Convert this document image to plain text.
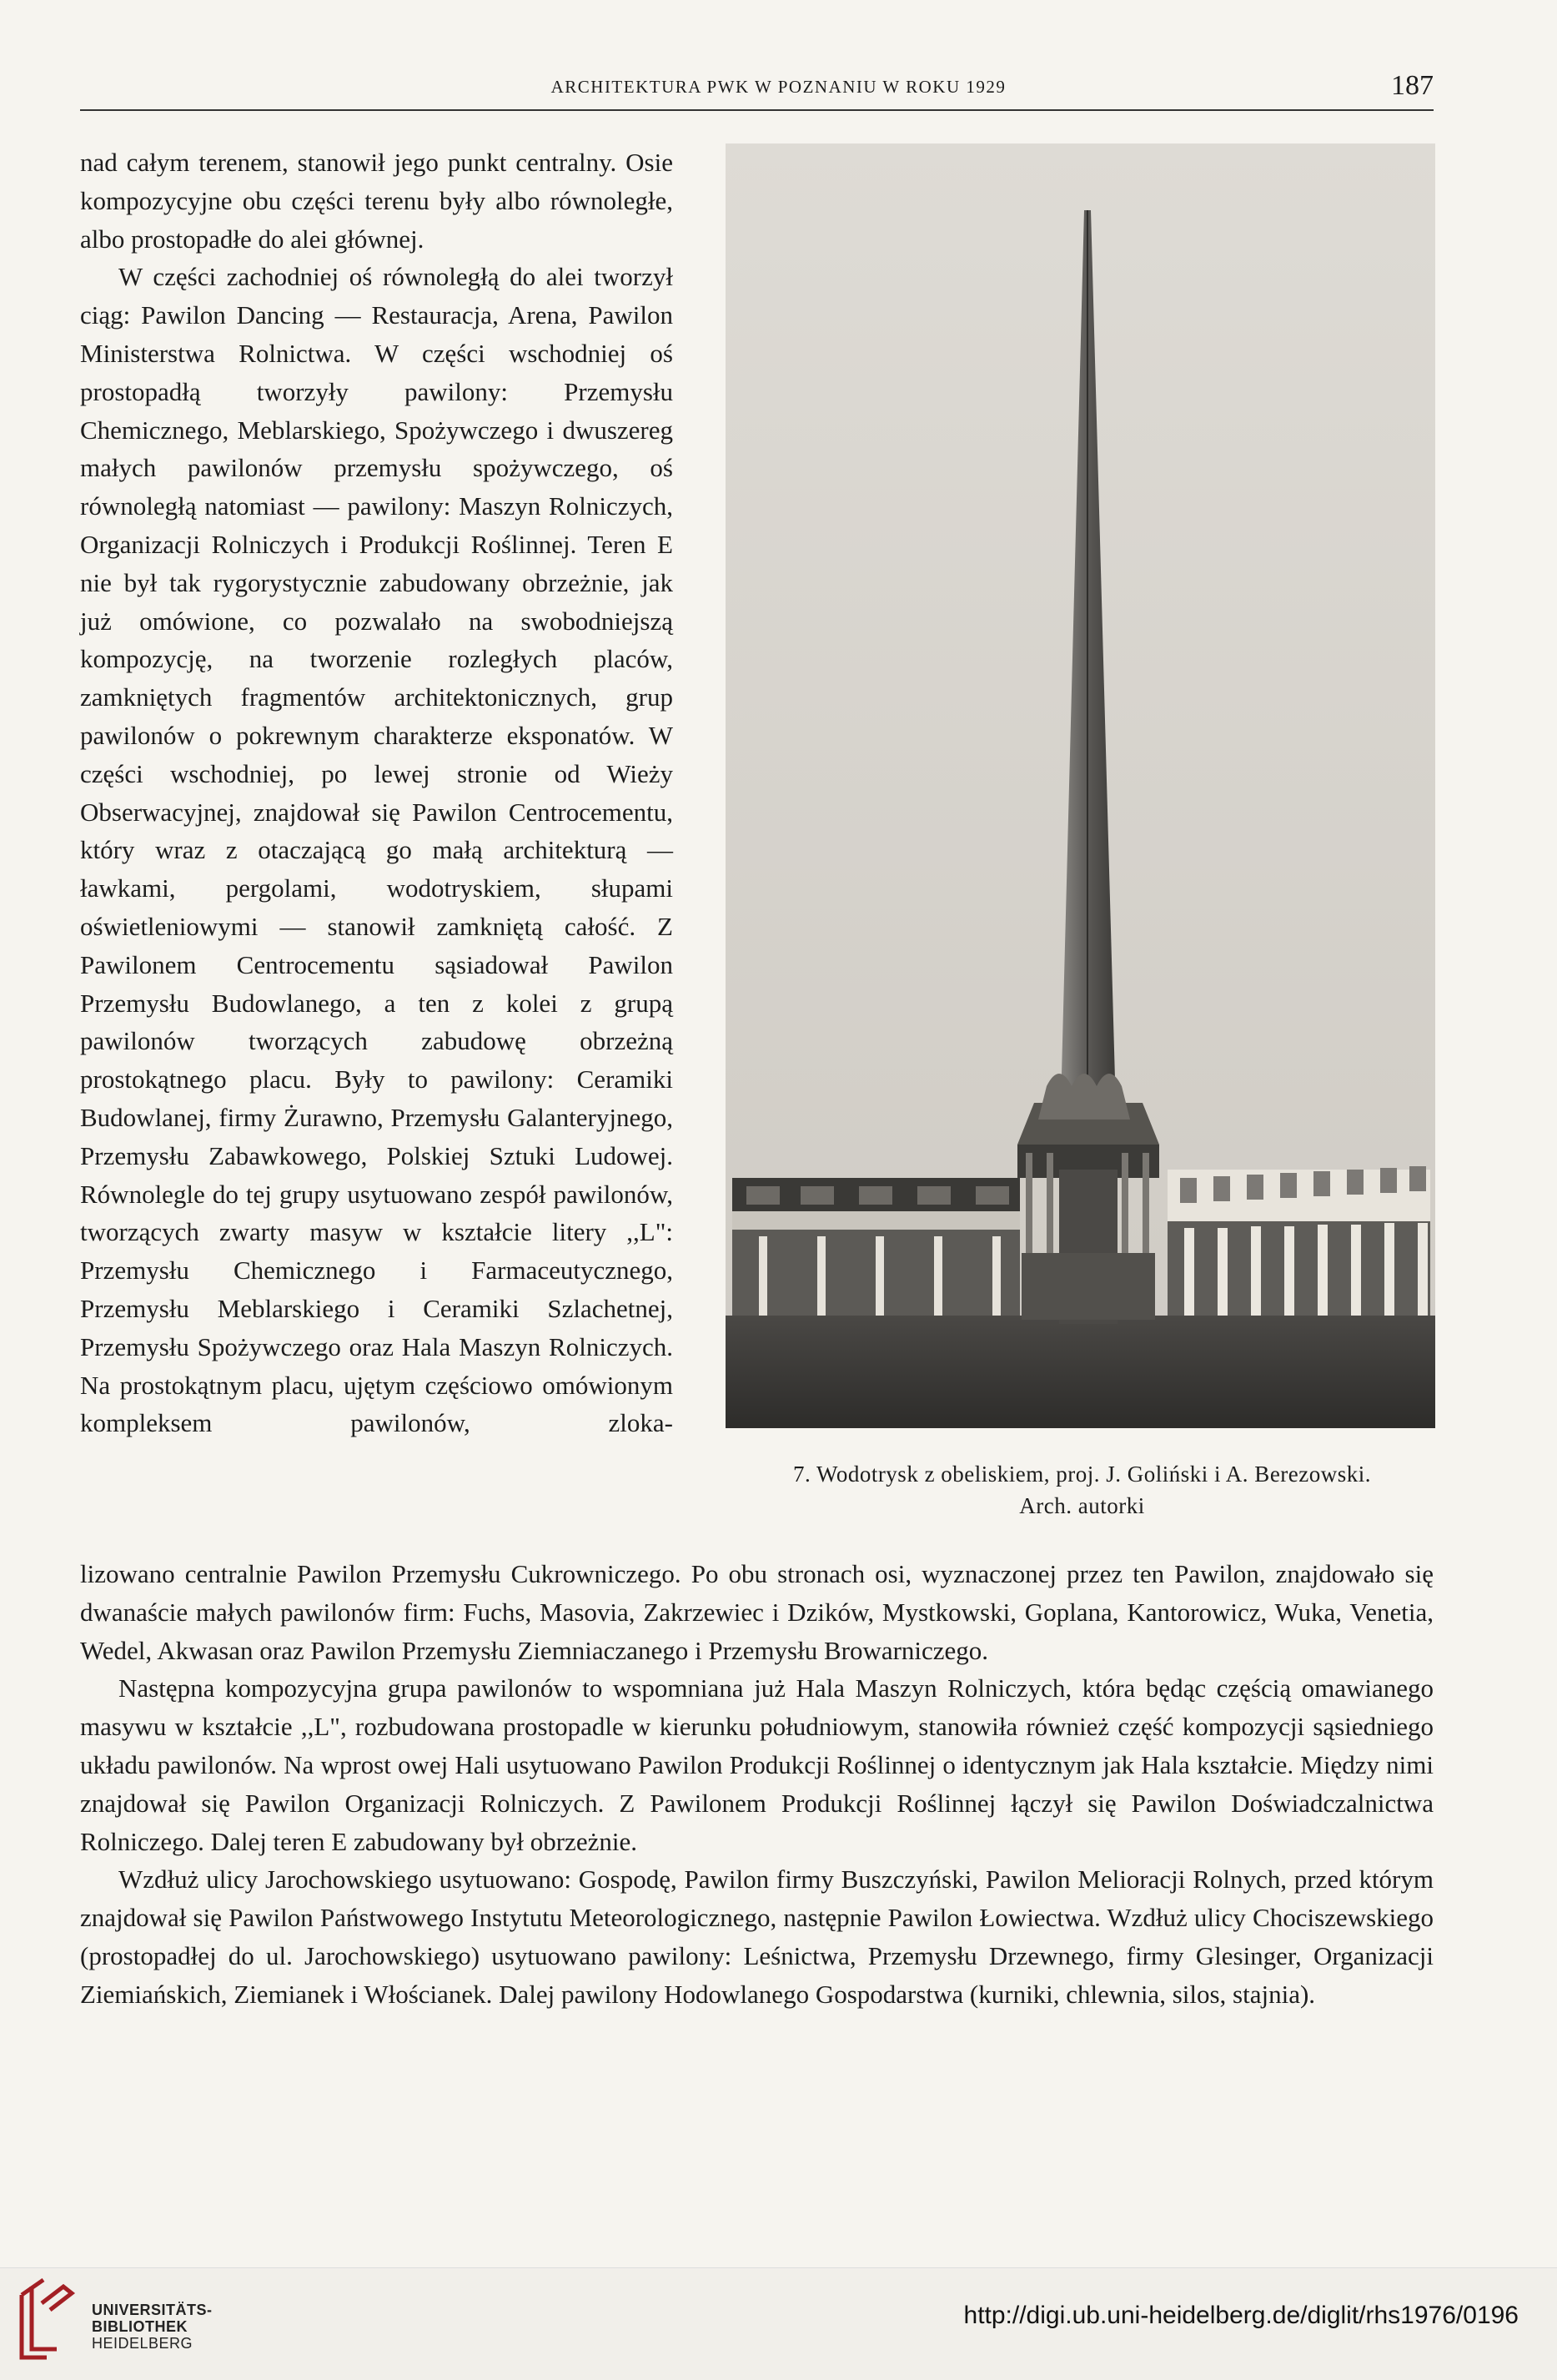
ARCHITEKTURA PWK W POZNANIU W ROKU 1929	187

nad całym terenem, stanowił jego punkt centralny. Osie kompozycyjne obu części terenu były albo równoległe, albo prostopadłe do alei głównej.

W części zachodniej oś równoległą do alei tworzył ciąg: Pawilon Dancing — Restauracja, Arena, Pawilon Ministerstwa Rolnictwa. W części wschodniej oś prostopadłą tworzyły pawilony: Przemysłu Chemicznego, Meblarskiego, Spożywczego i dwuszereg małych pawilonów przemysłu spożywczego, oś równoległą natomiast — pawilony: Maszyn Rolniczych, Organizacji Rolniczych i Produkcji Roślinnej. Teren E nie był tak rygorystycznie zabudowany obrzeżnie, jak już omówione, co pozwalało na swobodniejszą kompozycję, na tworzenie rozległych placów, zamkniętych fragmentów architektonicznych, grup pawilonów o pokrewnym charakterze eksponatów. W części wschodniej, po lewej stronie od Wieży Obserwacyjnej, znajdował się Pawilon Centrocementu, który wraz z otaczającą go małą architekturą — ławkami, pergolami, wodotryskiem, słupami oświetleniowymi — stanowił zamkniętą całość. Z Pawilonem Centrocementu sąsiadował Pawilon Przemysłu Budowlanego, a ten z kolei z grupą pawilonów tworzących zabudowę obrzeżną prostokątnego placu. Były to pawilony: Ceramiki Budowlanej, firmy Żurawno, Przemysłu Galanteryjnego, Przemysłu Zabawkowego, Polskiej Sztuki Ludowej. Równolegle do tej grupy usytuowano zespół pawilonów, tworzących zwarty masyw w kształcie litery ,,L": Przemysłu Chemicznego i Farmaceutycznego, Przemysłu Meblarskiego i Ceramiki Szlachetnej, Przemysłu Spożywczego oraz Hala Maszyn Rolniczych. Na prostokątnym placu, ujętym częściowo omówionym kompleksem pawilonów, zloka-

7. Wodotrysk z obeliskiem, proj. J. Goliński i A. Berezowski.
Arch. autorki

lizowano centralnie Pawilon Przemysłu Cukrowniczego. Po obu stronach osi, wyznaczonej przez ten Pawilon, znajdowało się dwanaście małych pawilonów firm: Fuchs, Masovia, Zakrzewiec i Dzików, Mystkowski, Goplana, Kantorowicz, Wuka, Venetia, Wedel, Akwasan oraz Pawilon Przemysłu Ziemniaczanego i Przemysłu Browarniczego.

Następna kompozycyjna grupa pawilonów to wspomniana już Hala Maszyn Rolniczych, która będąc częścią omawianego masywu w kształcie ,,L", rozbudowana prostopadle w kierunku południowym, stanowiła również część kompozycji sąsiedniego układu pawilonów. Na wprost owej Hali usytuowano Pawilon Produkcji Roślinnej o identycznym jak Hala kształcie. Między nimi znajdował się Pawilon Organizacji Rolniczych. Z Pawilonem Produkcji Roślinnej łączył się Pawilon Doświadczalnictwa Rolniczego. Dalej teren E zabudowany był obrzeżnie.

Wzdłuż ulicy Jarochowskiego usytuowano: Gospodę, Pawilon firmy Buszczyński, Pawilon Melioracji Rolnych, przed którym znajdował się Pawilon Państwowego Instytutu Meteorologicznego, następnie Pawilon Łowiectwa. Wzdłuż ulicy Chociszewskiego (prostopadłej do ul. Jarochowskiego) usytuowano pawilony: Leśnictwa, Przemysłu Drzewnego, firmy Glesinger, Organizacji Ziemiańskich, Ziemianek i Włościanek. Dalej pawilony Hodowlanego Gospodarstwa (kurniki, chlewnia, silos, stajnia).

UNIVERSITÄTS-
BIBLIOTHEK
HEIDELBERG
http://digi.ub.uni-heidelberg.de/diglit/rhs1976/0196
